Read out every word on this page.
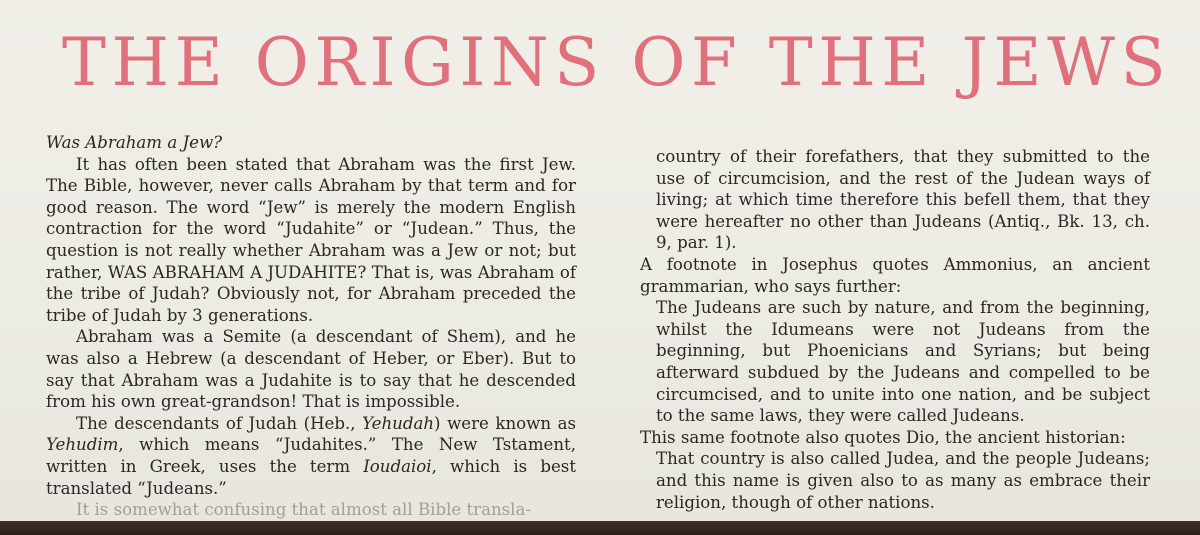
THE ORIGINS OF THE JEWS

Was Abraham a Jew?

It has often been stated that Abraham was the first Jew. The Bible, however, never calls Abraham by that term and for good reason. The word “Jew” is merely the modern English contraction for the word “Judahite” or “Judean.” Thus, the question is not really whether Abraham was a Jew or not; but rather, WAS ABRAHAM A JUDAHITE? That is, was Abraham of the tribe of Judah? Obviously not, for Abraham preceded the tribe of Judah by 3 generations.

Abraham was a Semite (a descendant of Shem), and he was also a Hebrew (a descendant of Heber, or Eber). But to say that Abraham was a Judahite is to say that he descended from his own great-grandson! That is impossible.

The descendants of Judah (Heb., Yehudah) were known as Yehudim, which means “Judahites.” The New Tstament, written in Greek, uses the term Ioudaioi, which is best translated “Judeans.”

It is somewhat confusing that almost all Bible transla-

country of their forefathers, that they submitted to the use of circumcision, and the rest of the Judean ways of living; at which time therefore this befell them, that they were hereafter no other than Judeans (Antiq., Bk. 13, ch. 9, par. 1).

A footnote in Josephus quotes Ammonius, an ancient grammarian, who says further:

The Judeans are such by nature, and from the beginning, whilst the Idumeans were not Judeans from the beginning, but Phoenicians and Syrians; but being afterward subdued by the Judeans and compelled to be circumcised, and to unite into one nation, and be subject to the same laws, they were called Judeans.

This same footnote also quotes Dio, the ancient historian:

That country is also called Judea, and the people Judeans; and this name is given also to as many as embrace their religion, though of other nations.
